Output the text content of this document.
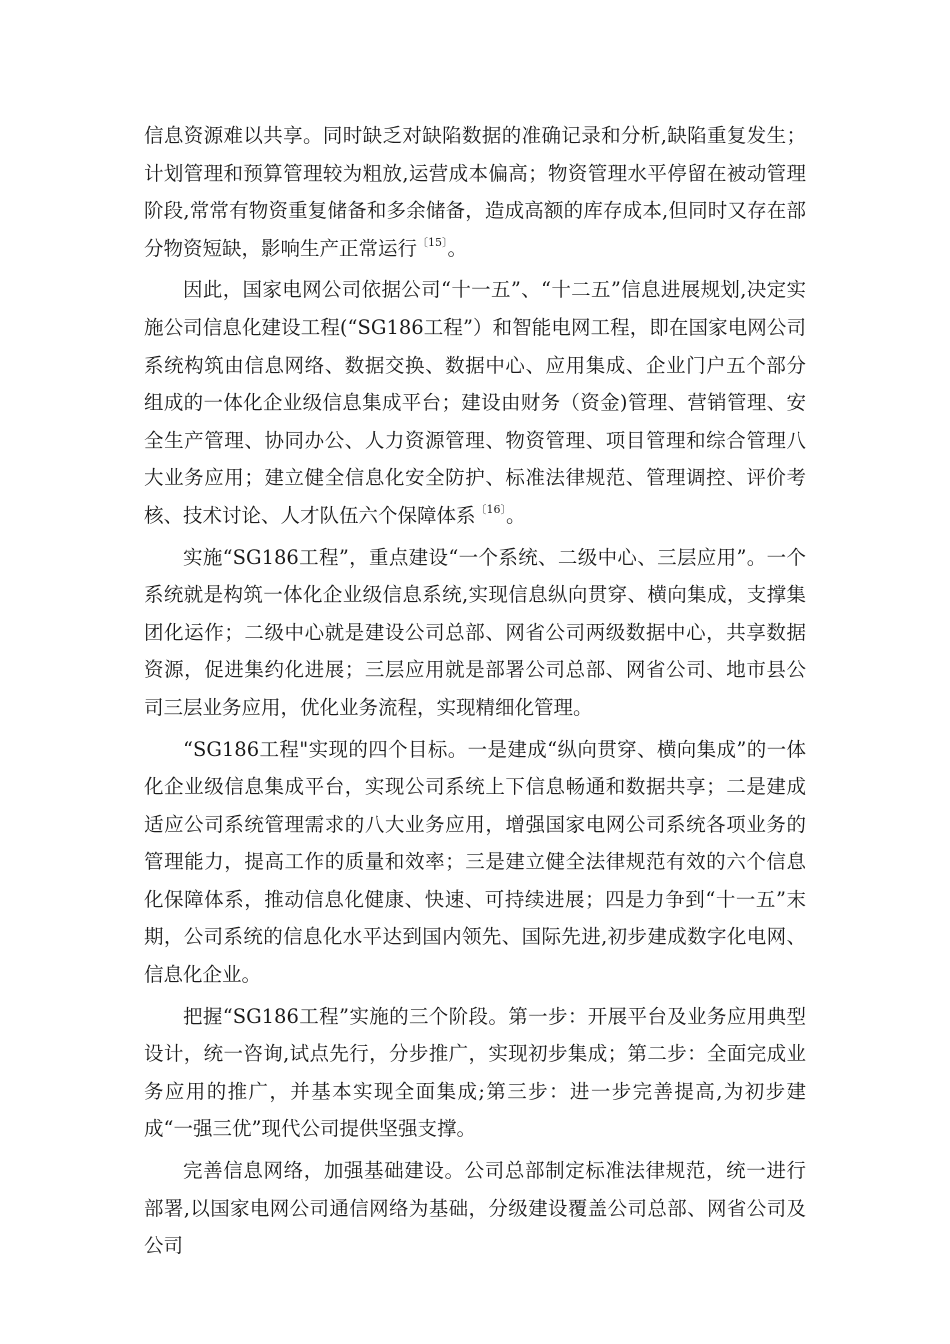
信息资源难以共享。同时缺乏对缺陷数据的准确记录和分析,缺陷重复发生；计划管理和预算管理较为粗放,运营成本偏高；物资管理水平停留在被动管理阶段,常常有物资重复储备和多余储备，造成高额的库存成本,但同时又存在部分物资短缺，影响生产正常运行$^{〔15〕}$。

因此，国家电网公司依据公司“十一五”、“十二五”信息进展规划,决定实施公司信息化建设工程(“SG186工程”）和智能电网工程，即在国家电网公司系统构筑由信息网络、数据交换、数据中心、应用集成、企业门户五个部分组成的一体化企业级信息集成平台；建设由财务（资金)管理、营销管理、安全生产管理、协同办公、人力资源管理、物资管理、项目管理和综合管理八大业务应用；建立健全信息化安全防护、标准法律规范、管理调控、评价考核、技术讨论、人才队伍六个保障体系$^{〔16〕}$。

实施“SG186工程”，重点建设“一个系统、二级中心、三层应用”。一个系统就是构筑一体化企业级信息系统,实现信息纵向贯穿、横向集成，支撑集团化运作；二级中心就是建设公司总部、网省公司两级数据中心，共享数据资源，促进集约化进展；三层应用就是部署公司总部、网省公司、地市县公司三层业务应用，优化业务流程，实现精细化管理。

“SG186工程"实现的四个目标。一是建成“纵向贯穿、横向集成”的一体化企业级信息集成平台，实现公司系统上下信息畅通和数据共享；二是建成适应公司系统管理需求的八大业务应用，增强国家电网公司系统各项业务的管理能力，提高工作的质量和效率；三是建立健全法律规范有效的六个信息化保障体系，推动信息化健康、快速、可持续进展；四是力争到“十一五”末期，公司系统的信息化水平达到国内领先、国际先进,初步建成数字化电网、信息化企业。

把握“SG186工程”实施的三个阶段。第一步：开展平台及业务应用典型设计，统一咨询,试点先行，分步推广，实现初步集成；第二步：全面完成业务应用的推广，并基本实现全面集成;第三步：进一步完善提高,为初步建成“一强三优”现代公司提供坚强支撑。

完善信息网络，加强基础建设。公司总部制定标准法律规范，统一进行部署,以国家电网公司通信网络为基础，分级建设覆盖公司总部、网省公司及公司
